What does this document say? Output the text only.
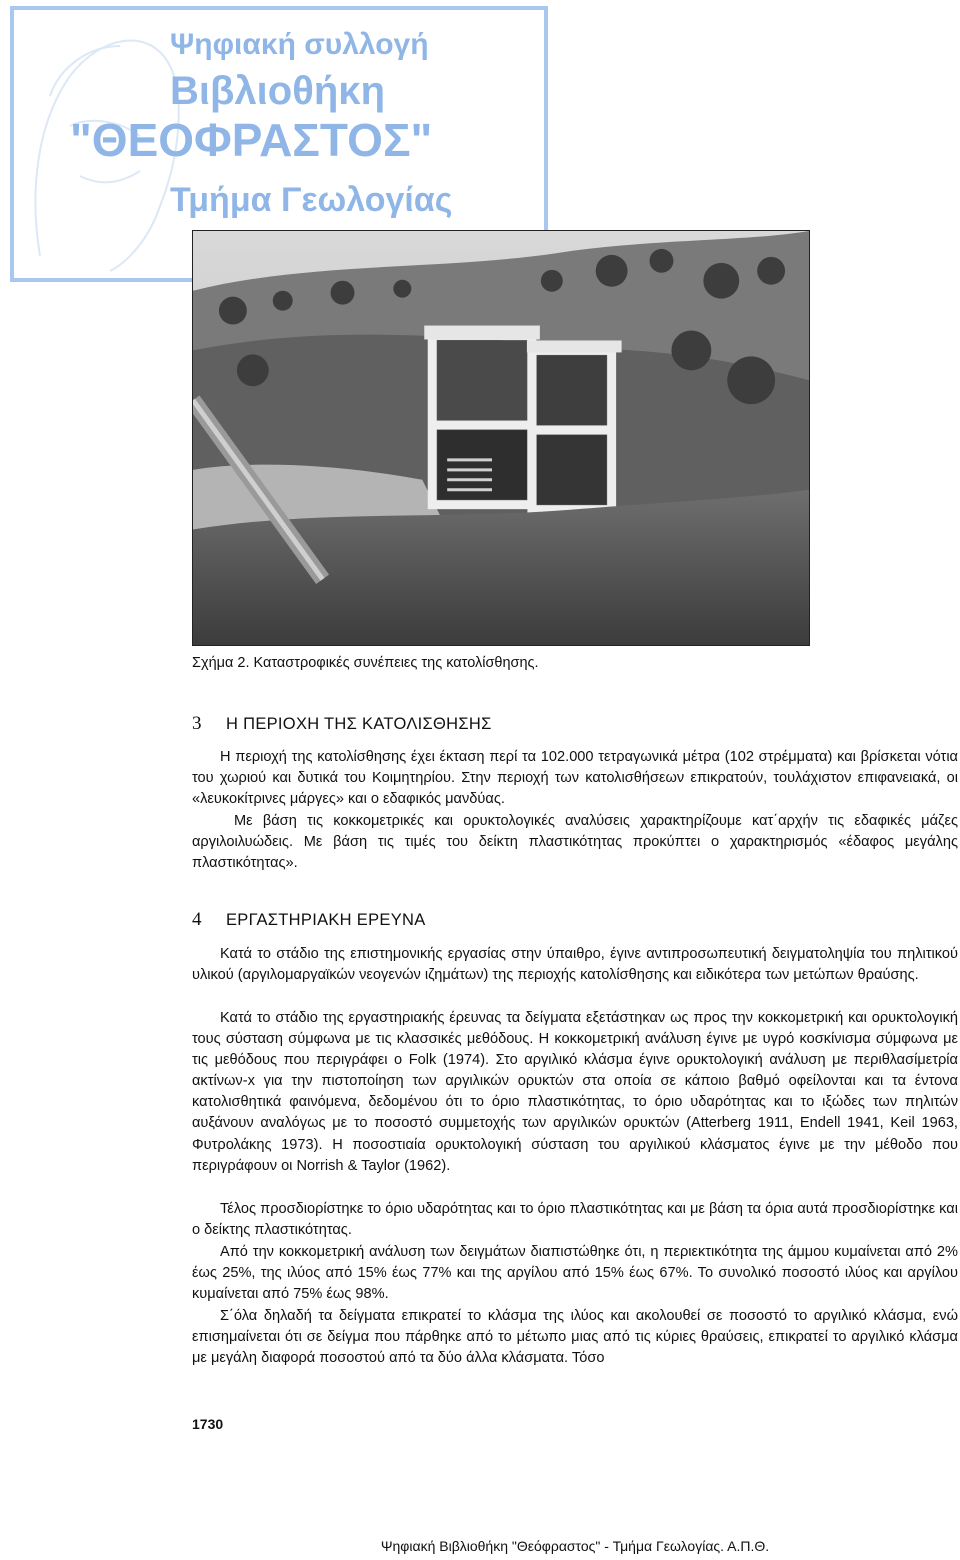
Ψηφιακή συλλογή
Βιβλιοθήκη
"ΘΕΟΦΡΑΣΤΟΣ"
Τμήμα Γεωλογίας
Σχήμα 2. Καταστροφικές συνέπειες της κατολίσθησης.
3 Η ΠΕΡΙΟΧΗ ΤΗΣ ΚΑΤΟΛΙΣΘΗΣΗΣ

Η περιοχή της κατολίσθησης έχει έκταση περί τα 102.000 τετραγωνικά μέτρα (102 στρέμματα) και βρίσκεται νότια του χωριού και δυτικά του Κοιμητηρίου. Στην περιοχή των κατολισθήσεων επικρατούν, τουλάχιστον επιφανειακά, οι «λευκοκίτρινες μάργες» και ο εδαφικός μανδύας.

Με βάση τις κοκκομετρικές και ορυκτολογικές αναλύσεις χαρακτηρίζουμε κατ΄αρχήν τις εδαφικές μάζες αργιλοιλυώδεις. Με βάση τις τιμές του δείκτη πλαστικότητας προκύπτει ο χαρακτηρισμός «έδαφος μεγάλης πλαστικότητας».

4 ΕΡΓΑΣΤΗΡΙΑΚΗ ΕΡΕΥΝΑ

Κατά το στάδιο της επιστημονικής εργασίας στην ύπαιθρο, έγινε αντιπροσωπευτική δειγματοληψία του πηλιτικού υλικού (αργιλομαργαϊκών νεογενών ιζημάτων) της περιοχής κατολίσθησης και ειδικότερα των μετώπων θραύσης.

Κατά το στάδιο της εργαστηριακής έρευνας τα δείγματα εξετάστηκαν ως προς την κοκκομετρική και ορυκτολογική τους σύσταση σύμφωνα με τις κλασσικές μεθόδους. Η κοκκομετρική ανάλυση έγινε με υγρό κοσκίνισμα σύμφωνα με τις μεθόδους που περιγράφει ο Folk (1974). Στο αργιλικό κλάσμα έγινε ορυκτολογική ανάλυση με περιθλασίμετρία ακτίνων-x για την πιστοποίηση των αργιλικών ορυκτών στα οποία σε κάποιο βαθμό οφείλονται και τα έντονα κατολισθητικά φαινόμενα, δεδομένου ότι το όριο πλαστικότητας, το όριο υδαρότητας και το ιξώδες των πηλιτών αυξάνουν αναλόγως με το ποσοστό συμμετοχής των αργιλικών ορυκτών (Atterberg 1911, Endell 1941, Keil 1963, Φυτρολάκης 1973). Η ποσοστιαία ορυκτολογική σύσταση του αργιλικού κλάσματος έγινε με την μέθοδο που περιγράφουν οι Norrish & Taylor (1962).

Τέλος προσδιορίστηκε το όριο υδαρότητας και το όριο πλαστικότητας και με βάση τα όρια αυτά προσδιορίστηκε και ο δείκτης πλαστικότητας.

Από την κοκκομετρική ανάλυση των δειγμάτων διαπιστώθηκε ότι, η περιεκτικότητα της άμμου κυμαίνεται από 2% έως 25%, της ιλύος από 15% έως 77% και της αργίλου από 15% έως 67%. Το συνολικό ποσοστό ιλύος και αργίλου κυμαίνεται από 75% έως 98%.

Σ΄όλα δηλαδή τα δείγματα επικρατεί το κλάσμα της ιλύος και ακολουθεί σε ποσοστό το αργιλικό κλάσμα, ενώ επισημαίνεται ότι σε δείγμα που πάρθηκε από το μέτωπο μιας από τις κύριες θραύσεις, επικρατεί το αργιλικό κλάσμα με μεγάλη διαφορά ποσοστού από τα δύο άλλα κλάσματα. Τόσο

1730
Ψηφιακή Βιβλιοθήκη "Θεόφραστος" - Τμήμα Γεωλογίας. Α.Π.Θ.
